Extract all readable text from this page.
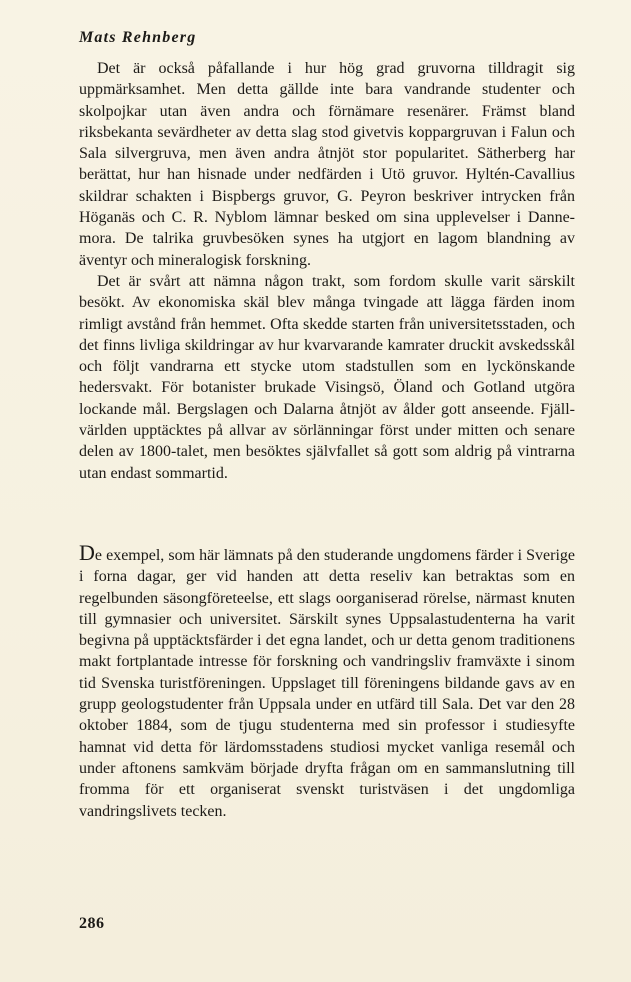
Mats Rehnberg

Det är också påfallande i hur hög grad gruvorna tilldragit sig uppmärksamhet. Men detta gällde inte bara vandrande studenter och skolpojkar utan även andra och förnämare resenärer. Främst bland riksbekanta sevärdheter av detta slag stod givetvis koppargruvan i Falun och Sala silvergruva, men även andra åtnjöt stor popularitet. Sätherberg har berättat, hur han hisnade under nedfärden i Utö gruvor. Hyltén-Cavallius skildrar schakten i Bispbergs gruvor, G. Peyron beskriver intrycken från Höganäs och C. R. Nyblom lämnar besked om sina upplevelser i Dannemora. De talrika gruvbesöken synes ha utgjort en lagom blandning av äventyr och mineralogisk forskning.

Det är svårt att nämna någon trakt, som fordom skulle varit särskilt besökt. Av ekonomiska skäl blev många tvingade att lägga färden inom rimligt avstånd från hemmet. Ofta skedde starten från universitetsstaden, och det finns livliga skildringar av hur kvarvarande kamrater druckit avskedsskål och följt vandrarna ett stycke utom stadstullen som en lyckönskande hedersvakt. För botanister brukade Visingsö, Öland och Gotland utgöra lockande mål. Bergslagen och Dalarna åtnjöt av ålder gott anseende. Fjällvärlden upptäcktes på allvar av sörlänningar först under mitten och senare delen av 1800-talet, men besöktes självfallet så gott som aldrig på vintrarna utan endast sommartid.

De exempel, som här lämnats på den studerande ungdomens färder i Sverige i forna dagar, ger vid handen att detta reseliv kan betraktas som en regelbunden säsongföreteelse, ett slags oorganiserad rörelse, närmast knuten till gymnasier och universitet. Särskilt synes Uppsalastudenterna ha varit begivna på upptäcktsfärder i det egna landet, och ur detta genom traditionens makt fortplantade intresse för forskning och vandringsliv framväxte i sinom tid Svenska turistföreningen. Uppslaget till föreningens bildande gavs av en grupp geologstudenter från Uppsala under en utfärd till Sala. Det var den 28 oktober 1884, som de tjugu studenterna med sin professor i studiesyfte hamnat vid detta för lärdomsstadens studiosi mycket vanliga resemål och under aftonens samkväm började dryfta frågan om en sammanslutning till fromma för ett organiserat svenskt turistväsen i det ungdomliga vandringslivets tecken.

286
